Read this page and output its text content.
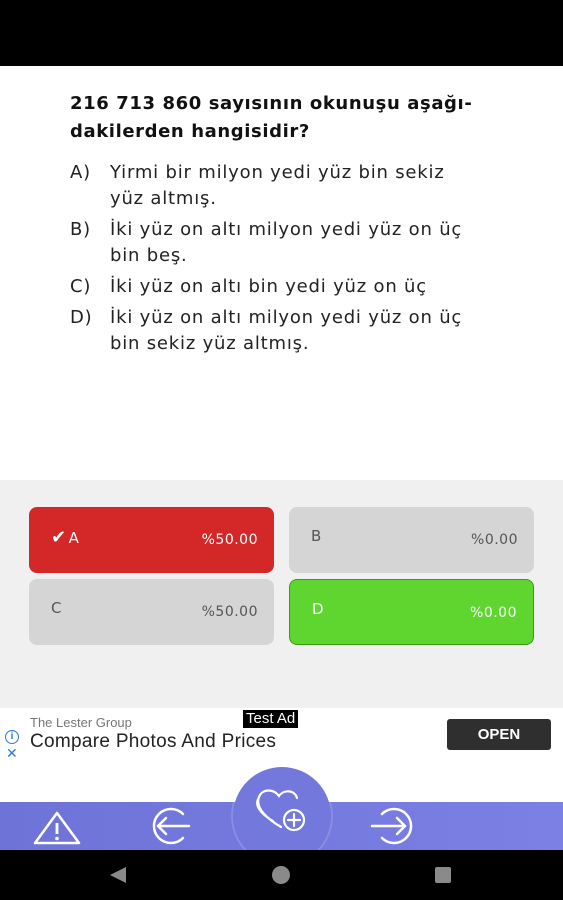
216 713 860 sayısının okunuşu aşağı-
dakilerden hangisidir?
A)	Yirmi bir milyon yedi yüz bin sekiz
yüz altmış.
B)	İki yüz on altı milyon yedi yüz on üç
bin beş.
C)	İki yüz on altı bin yedi yüz on üç
D) İki yüz on altı milyon yedi yüz on üç
bin sekiz yüz altmış.
✔ A	%50.00	B	%0.00
C	%50.00	D	%0.00
Test Ad
i
✕
The Lester Group
Compare Photos And Prices	OPEN
